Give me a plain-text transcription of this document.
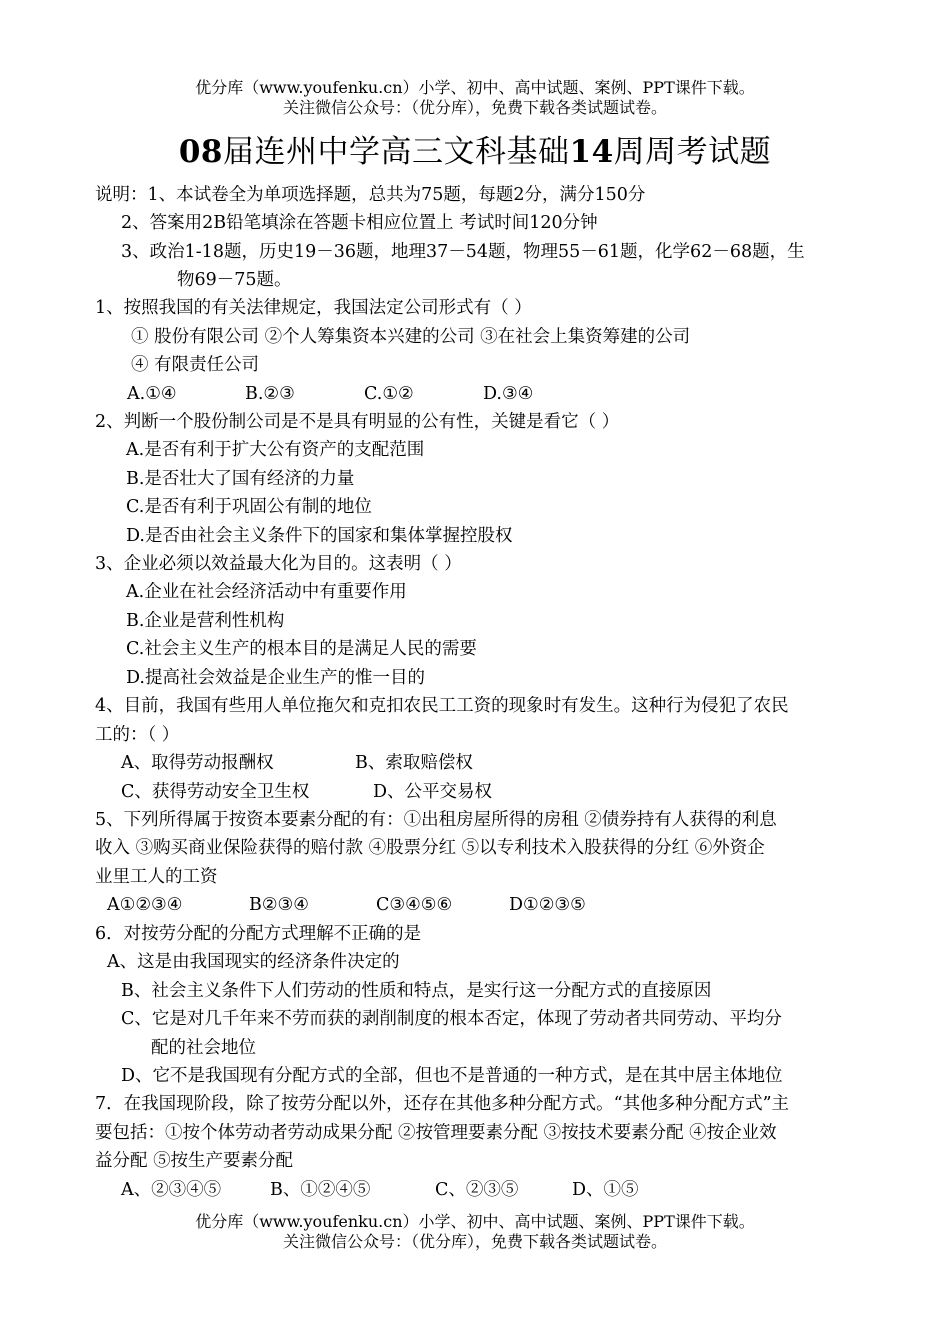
优分库（www.youfenku.cn）小学、初中、高中试题、案例、PPT课件下载。
关注微信公众号：（优分库），免费下载各类试题试卷。
08届连州中学高三文科基础14周周考试题
说明：1、本试卷全为单项选择题，总共为75题，每题2分，满分150分
2、答案用2B铅笔填涂在答题卡相应位置上 考试时间120分钟
3、政治1-18题，历史19－36题，地理37－54题，物理55－61题，化学62－68题，生
物69－75题。
1、按照我国的有关法律规定，我国法定公司形式有（ ）
① 股份有限公司 ②个人筹集资本兴建的公司 ③在社会上集资筹建的公司
④ 有限责任公司
A.①④	B.②③	C.①②	D.③④
2、判断一个股份制公司是不是具有明显的公有性，关键是看它（ ）
A.是否有利于扩大公有资产的支配范围
B.是否壮大了国有经济的力量
C.是否有利于巩固公有制的地位
D.是否由社会主义条件下的国家和集体掌握控股权
3、企业必须以效益最大化为目的。这表明（ ）
A.企业在社会经济活动中有重要作用
B.企业是营利性机构
C.社会主义生产的根本目的是满足人民的需要
D.提高社会效益是企业生产的惟一目的
4、目前，我国有些用人单位拖欠和克扣农民工工资的现象时有发生。这种行为侵犯了农民
工的：（ ）
A、取得劳动报酬权	B、索取赔偿权
C、获得劳动安全卫生权	D、公平交易权
5、下列所得属于按资本要素分配的有：①出租房屋所得的房租 ②债券持有人获得的利息
收入 ③购买商业保险获得的赔付款 ④股票分红 ⑤以专利技术入股获得的分红 ⑥外资企
业里工人的工资
A①②③④	B②③④	C③④⑤⑥	D①②③⑤
6．对按劳分配的分配方式理解不正确的是
A、这是由我国现实的经济条件决定的
B、社会主义条件下人们劳动的性质和特点，是实行这一分配方式的直接原因
C、它是对几千年来不劳而获的剥削制度的根本否定，体现了劳动者共同劳动、平均分
配的社会地位
D、它不是我国现有分配方式的全部，但也不是普通的一种方式，是在其中居主体地位
7．在我国现阶段，除了按劳分配以外，还存在其他多种分配方式。“其他多种分配方式”主
要包括：①按个体劳动者劳动成果分配 ②按管理要素分配 ③按技术要素分配 ④按企业效
益分配 ⑤按生产要素分配
A、②③④⑤	B、①②④⑤	C、②③⑤	D、①⑤
优分库（www.youfenku.cn）小学、初中、高中试题、案例、PPT课件下载。
关注微信公众号：（优分库），免费下载各类试题试卷。
